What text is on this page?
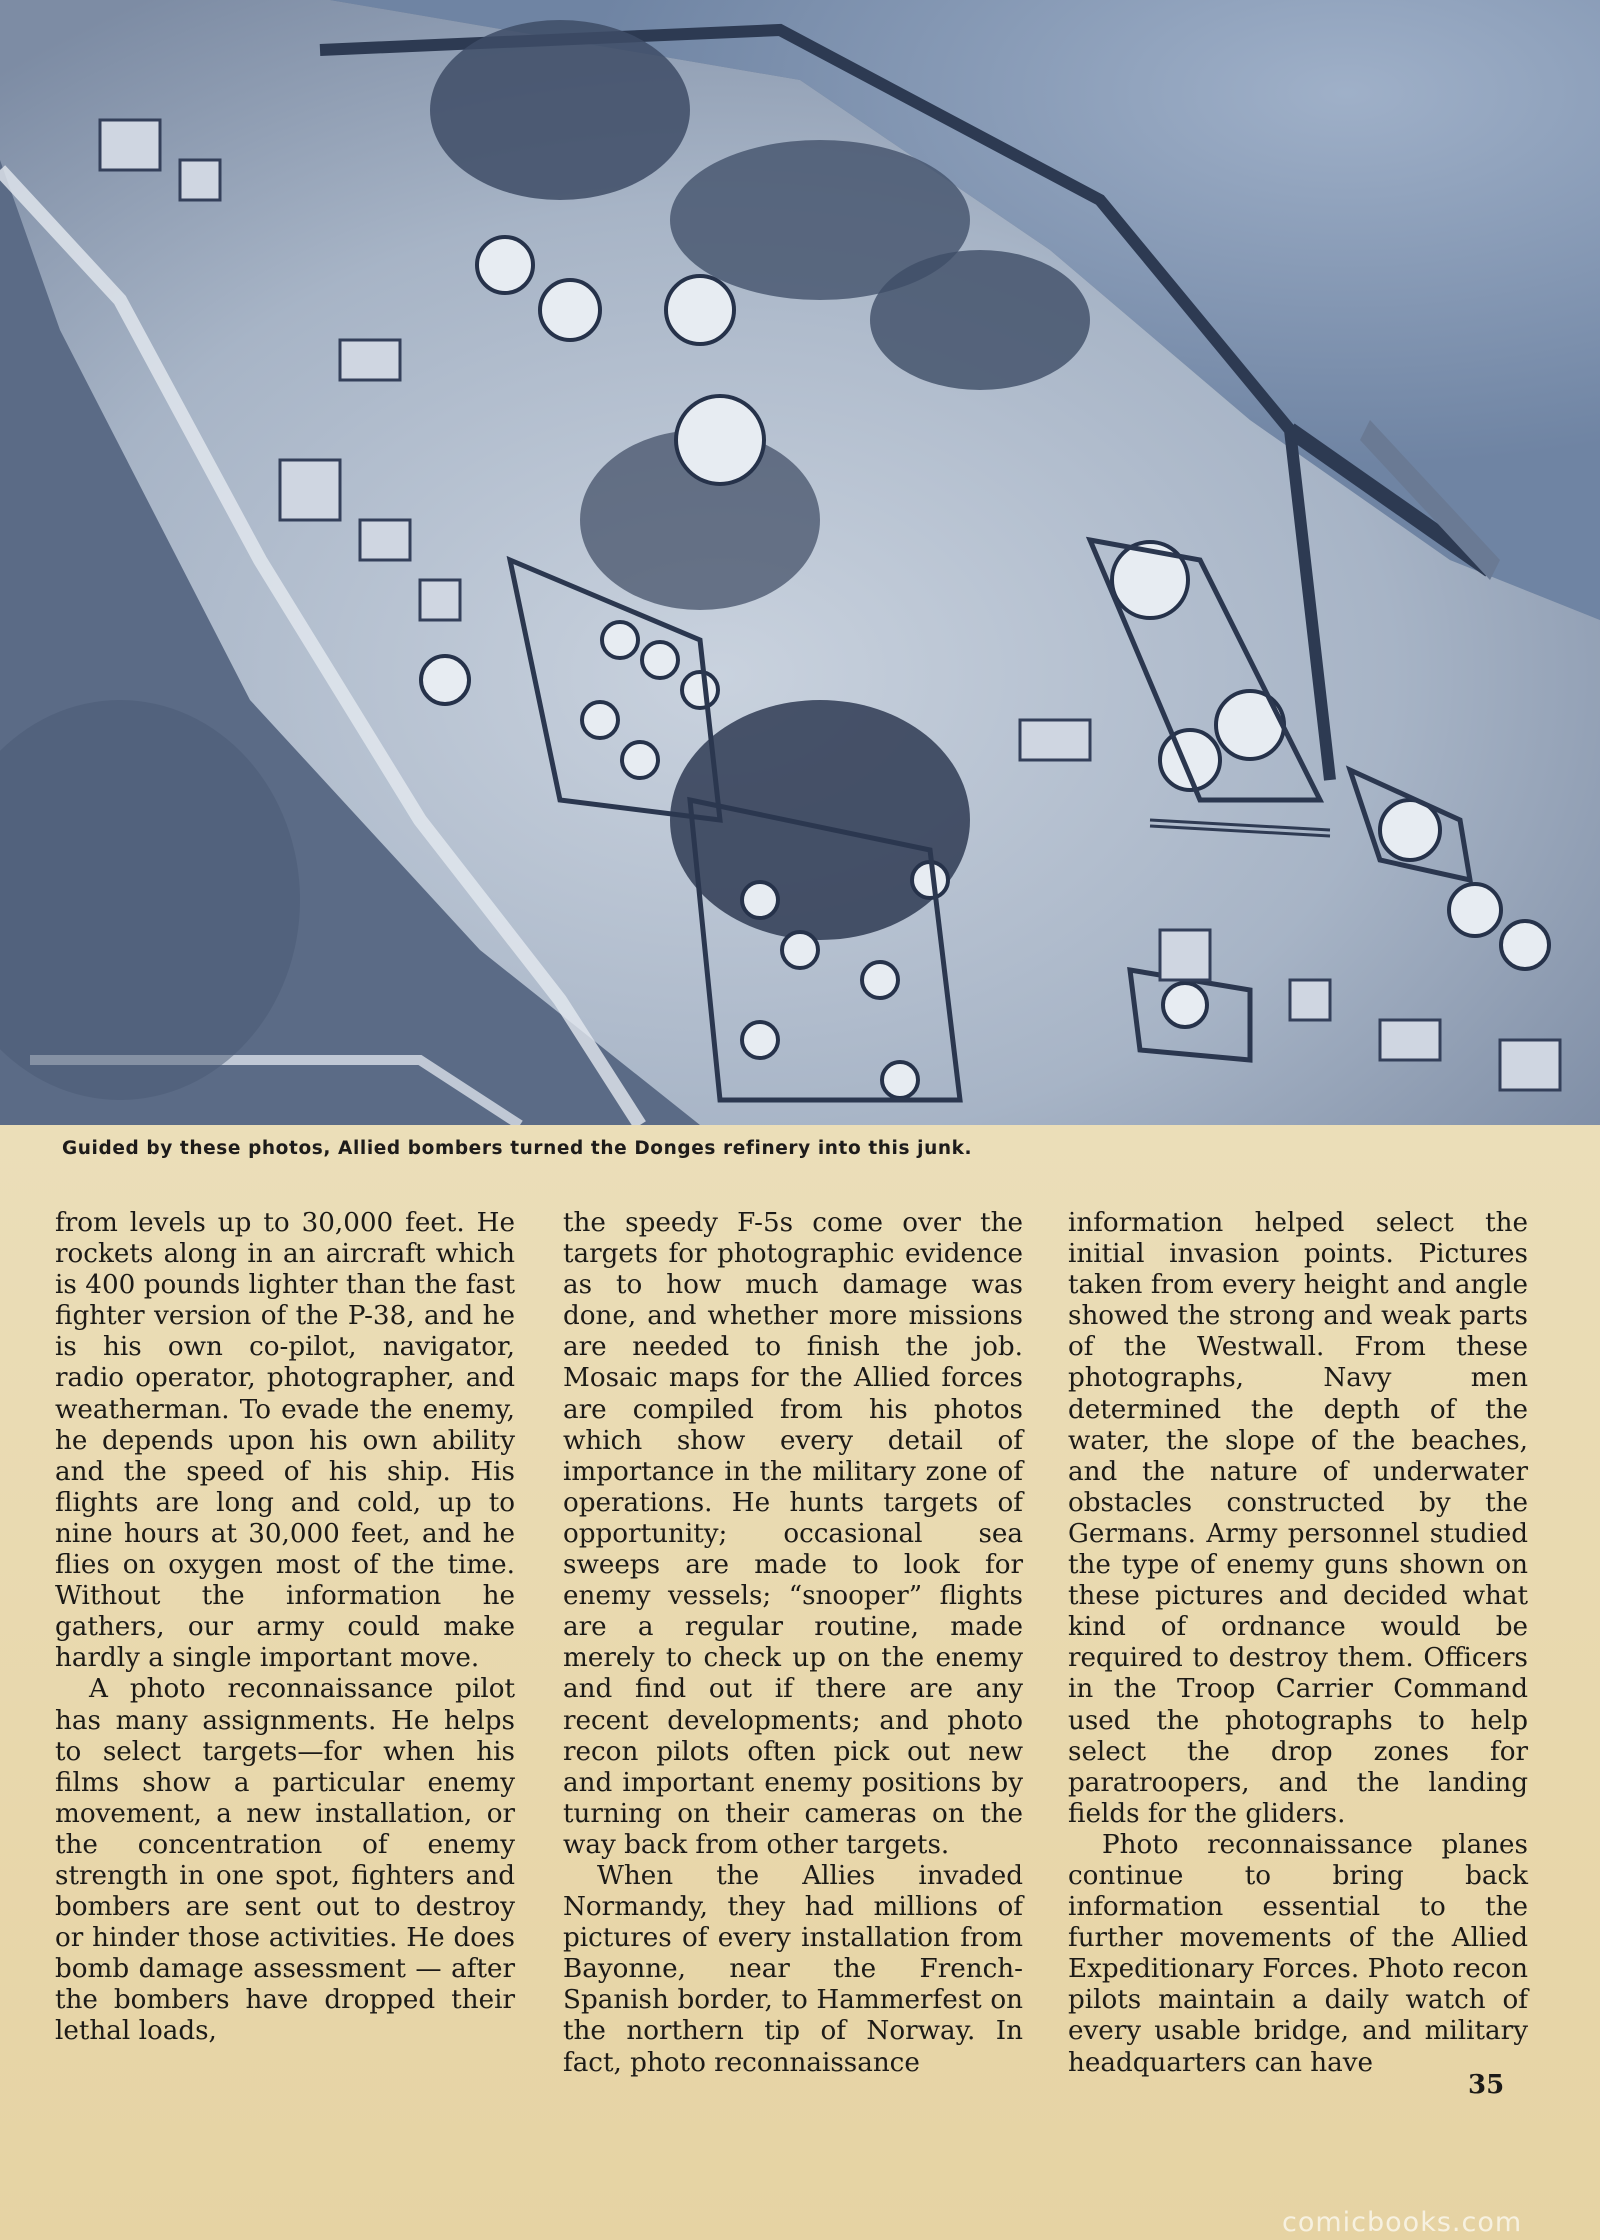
Guided by these photos, Allied bombers turned the Donges refinery into this junk.

from levels up to 30,000 feet. He rockets along in an aircraft which is 400 pounds lighter than the fast fighter version of the P-38, and he is his own co-pilot, navigator, radio operator, photographer, and weatherman. To evade the enemy, he depends upon his own ability and the speed of his ship. His flights are long and cold, up to nine hours at 30,000 feet, and he flies on oxygen most of the time. Without the information he gathers, our army could make hardly a single important move.

A photo reconnaissance pilot has many assignments. He helps to select targets—for when his films show a particular enemy movement, a new installation, or the concentration of enemy strength in one spot, fighters and bombers are sent out to destroy or hinder those activities. He does bomb damage assessment — after the bombers have dropped their lethal loads,

the speedy F-5s come over the targets for photographic evidence as to how much damage was done, and whether more missions are needed to finish the job. Mosaic maps for the Allied forces are compiled from his photos which show every detail of importance in the military zone of operations. He hunts targets of opportunity; occasional sea sweeps are made to look for enemy vessels; “snooper” flights are a regular routine, made merely to check up on the enemy and find out if there are any recent developments; and photo recon pilots often pick out new and important enemy positions by turning on their cameras on the way back from other targets.

When the Allies invaded Normandy, they had millions of pictures of every installation from Bayonne, near the French-Spanish border, to Hammerfest on the northern tip of Norway. In fact, photo reconnaissance

information helped select the initial invasion points. Pictures taken from every height and angle showed the strong and weak parts of the Westwall. From these photographs, Navy men determined the depth of the water, the slope of the beaches, and the nature of underwater obstacles constructed by the Germans. Army personnel studied the type of enemy guns shown on these pictures and decided what kind of ordnance would be required to destroy them. Officers in the Troop Carrier Command used the photographs to help select the drop zones for paratroopers, and the landing fields for the gliders.

Photo reconnaissance planes continue to bring back information essential to the further movements of the Allied Expeditionary Forces. Photo recon pilots maintain a daily watch of every usable bridge, and military headquarters can have

35
comicbooks.com
